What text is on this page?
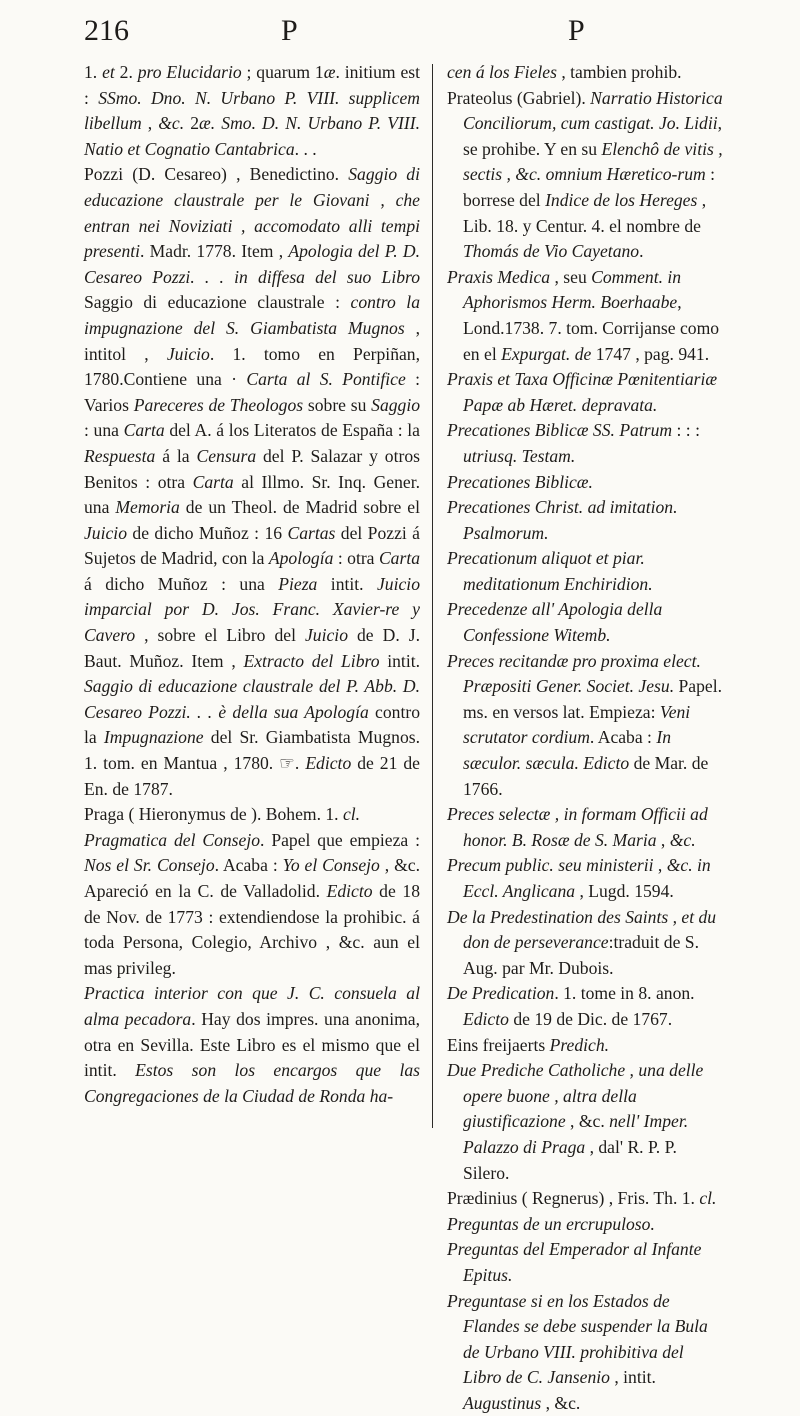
216	P	P

1. et 2. pro Elucidario ; quarum 1æ. initium est : SSmo. Dno. N. Urbano P. VIII. supplicem libellum , &c. 2æ. Smo. D. N. Urbano P. VIII. Natio et Cognatio Cantabrica. . .

Pozzi (D. Cesareo) , Benedictino. Saggio di educazione claustrale per le Giovani , che entran nei Noviziati , accomodato alli tempi presenti. Madr. 1778. Item , Apologia del P. D. Cesareo Pozzi. . . in diffesa del suo Libro Saggio di educazione claustrale : contro la impugnazione del S. Giambatista Mugnos , intitol , Juicio. 1. tomo en Perpiñan, 1780.Contiene una · Carta al S. Pontifice : Varios Pareceres de Theologos sobre su Saggio : una Carta del A. á los Literatos de España : la Respuesta á la Censura del P. Salazar y otros Benitos : otra Carta al Illmo. Sr. Inq. Gener. una Memoria de un Theol. de Madrid sobre el Juicio de dicho Muñoz : 16 Cartas del Pozzi á Sujetos de Madrid, con la Apología : otra Carta á dicho Muñoz : una Pieza intit. Juicio imparcial por D. Jos. Franc. Xavier-re y Cavero , sobre el Libro del Juicio de D. J. Baut. Muñoz. Item , Extracto del Libro intit. Saggio di educazione claustrale del P. Abb. D. Cesareo Pozzi. . . è della sua Apología contro la Impugnazione del Sr. Giambatista Mugnos. 1. tom. en Mantua , 1780. ☞. Edicto de 21 de En. de 1787.

Praga ( Hieronymus de ). Bohem. 1. cl.

Pragmatica del Consejo. Papel que empieza : Nos el Sr. Consejo. Acaba : Yo el Consejo , &c. Apareció en la C. de Valladolid. Edicto de 18 de Nov. de 1773 : extendiendose la prohibic. á toda Persona, Colegio, Archivo , &c. aun el mas privileg.

Practica interior con que J. C. consuela al alma pecadora. Hay dos impres. una anonima, otra en Sevilla. Este Libro es el mismo que el intit. Estos son los encargos que las Congregaciones de la Ciudad de Ronda ha-

cen á los Fieles , tambien prohib.

Prateolus (Gabriel). Narratio Historica Conciliorum, cum castigat. Jo. Lidii, se prohibe. Y en su Elenchô de vitis , sectis , &c. omnium Hæretico-rum : borrese del Indice de los Hereges , Lib. 18. y Centur. 4. el nombre de Thomás de Vio Cayetano.

Praxis Medica , seu Comment. in Aphorismos Herm. Boerhaabe, Lond.1738. 7. tom. Corrijanse como en el Expurgat. de 1747 , pag. 941.

Praxis et Taxa Officinæ Pœnitentiariæ Papæ ab Hæret. depravata.

Precationes Biblicæ SS. Patrum : : : utriusq. Testam.

Precationes Biblicæ.

Precationes Christ. ad imitation. Psalmorum.

Precationum aliquot et piar. meditationum Enchiridion.

Precedenze all' Apologia della Confessione Witemb.

Preces recitandæ pro proxima elect. Præpositi Gener. Societ. Jesu. Papel. ms. en versos lat. Empieza: Veni scrutator cordium. Acaba : In sæculor. sæcula. Edicto de Mar. de 1766.

Preces selectæ , in formam Officii ad honor. B. Rosæ de S. Maria , &c.

Precum public. seu ministerii , &c. in Eccl. Anglicana , Lugd. 1594.

De la Predestination des Saints , et du don de perseverance:traduit de S. Aug. par Mr. Dubois.

De Predication. 1. tome in 8. anon. Edicto de 19 de Dic. de 1767.

Eins freijaerts Predich.

Due Prediche Catholiche , una delle opere buone , altra della giustificazione , &c. nell' Imper. Palazzo di Praga , dal' R. P. P. Silero.

Prædinius ( Regnerus) , Fris. Th. 1. cl.

Preguntas de un ercrupuloso.

Preguntas del Emperador al Infante Epitus.

Preguntase si en los Estados de Flandes se debe suspender la Bula de Urbano VIII. prohibitiva del Libro de C. Jansenio , intit. Augustinus , &c.
